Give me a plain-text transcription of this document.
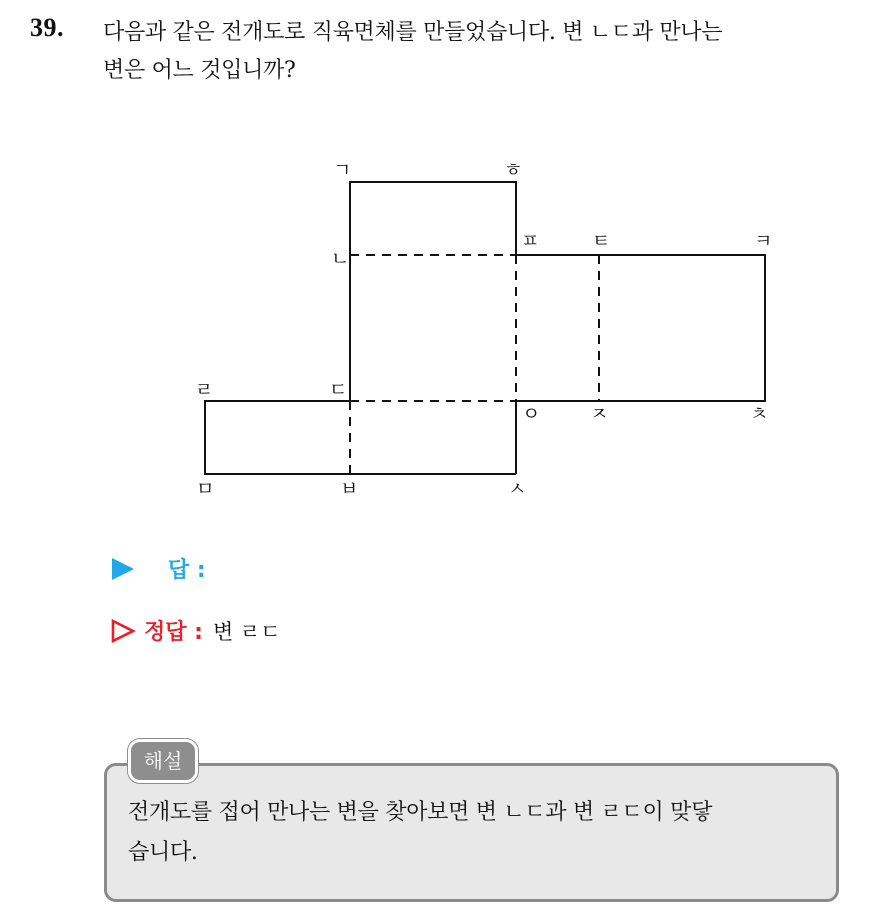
39. 다음과 같은 전개도로 직육면체를 만들었습니다. 변 ㄴㄷ과 만나는
변은 어느 것입니까?
ㄱ	ㅎ
ㄴ
ㅍ	ㅌ	ㅋ
ㄹ	ㄷ
ㅇ	ㅈ	ㅊ
ㅁ	ㅂ	ㅅ
답 :
정답 : 변 ㄹㄷ
해설
전개도를 접어 만나는 변을 찾아보면 변 ㄴㄷ과 변 ㄹㄷ이 맞닿
습니다.
